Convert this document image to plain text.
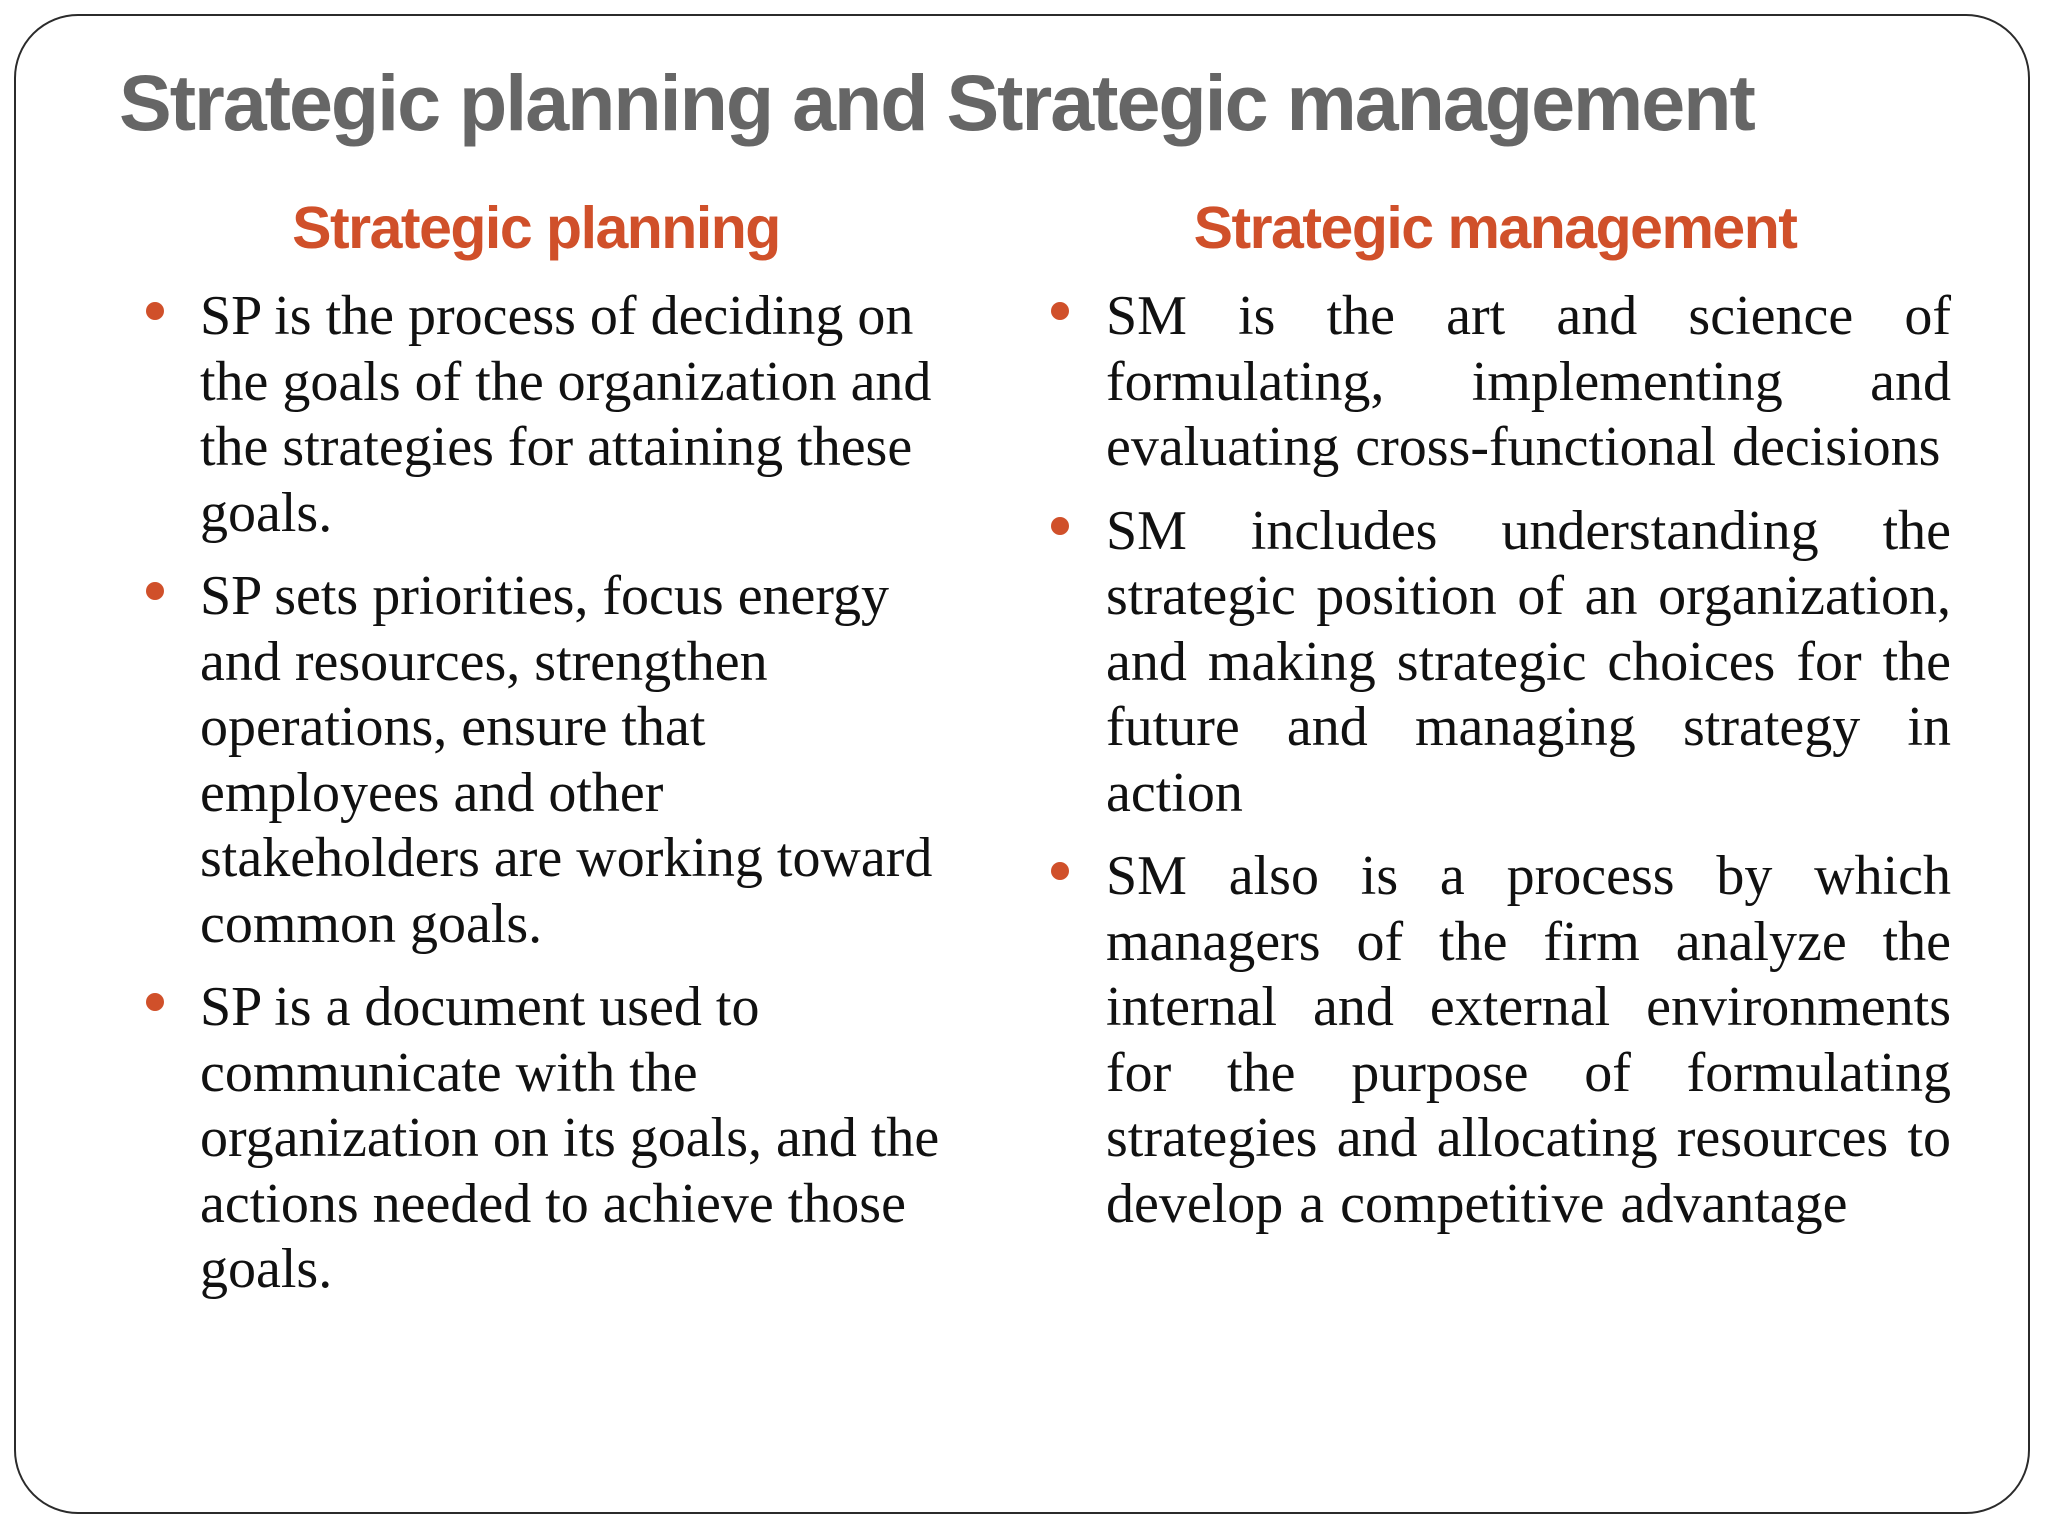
Strategic planning and Strategic management
Strategic planning
SP is the process of deciding on the goals of the organization and the strategies for attaining these goals.
SP sets priorities, focus energy and resources, strengthen operations, ensure that employees and other stakeholders are working toward common goals.
SP is a document used to communicate with the organization on its goals, and the actions needed to achieve those goals.
Strategic management
SM is the art and science of formulating, implementing and evaluating cross-functional decisions
SM includes understanding the strategic position of an organization, and making strategic choices for the future and managing strategy in action
SM also is a process by which managers of the firm analyze the internal and external environments for the purpose of formulating strategies and allocating resources to develop a competitive advantage
